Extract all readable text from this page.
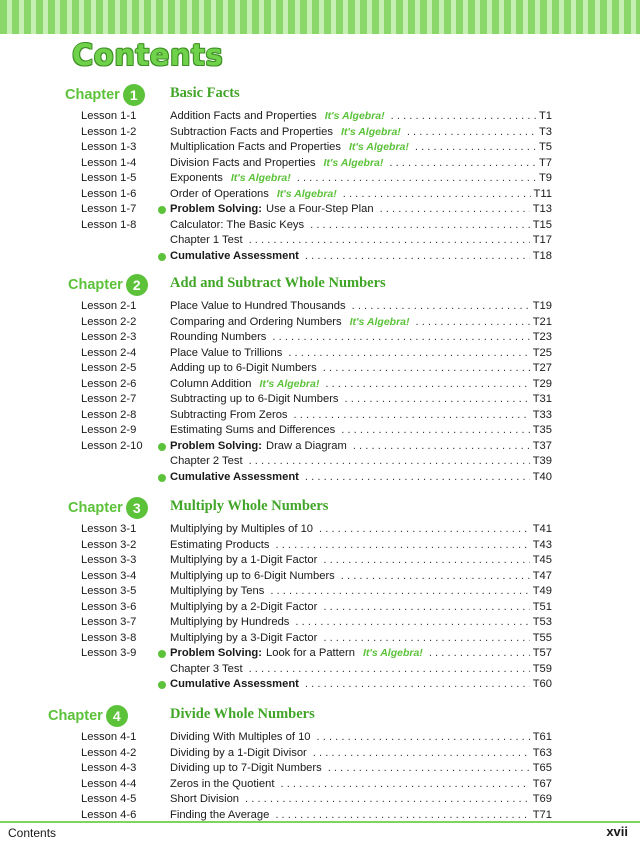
Contents
Chapter 1	Basic Facts
Lesson 1-1	Addition Facts and Properties It's Algebra! . . .	T1
Lesson 1-2	Subtraction Facts and Properties It's Algebra! . . .	T3
Lesson 1-3	Multiplication Facts and Properties It's Algebra! . . .	T5
Lesson 1-4	Division Facts and Properties It's Algebra! . . .	T7
Lesson 1-5	Exponents It's Algebra! . . .	T9
Lesson 1-6	Order of Operations It's Algebra! . . .	T11
Lesson 1-7	Problem Solving: Use a Four-Step Plan . . .	T13
Lesson 1-8	Calculator: The Basic Keys . . .	T15
Chapter 1 Test . . .	T17
Cumulative Assessment . . .	T18
Chapter 2	Add and Subtract Whole Numbers
Lesson 2-1	Place Value to Hundred Thousands . . .	T19
Lesson 2-2	Comparing and Ordering Numbers It's Algebra! . . .	T21
Lesson 2-3	Rounding Numbers . . .	T23
Lesson 2-4	Place Value to Trillions . . .	T25
Lesson 2-5	Adding up to 6-Digit Numbers . . .	T27
Lesson 2-6	Column Addition It's Algebra! . . .	T29
Lesson 2-7	Subtracting up to 6-Digit Numbers . . .	T31
Lesson 2-8	Subtracting From Zeros . . .	T33
Lesson 2-9	Estimating Sums and Differences . . .	T35
Lesson 2-10 Problem Solving: Draw a Diagram . . .	T37
Chapter 2 Test . . .	T39
Cumulative Assessment . . .	T40
Chapter 3	Multiply Whole Numbers
Lesson 3-1	Multiplying by Multiples of 10 . . .	T41
Lesson 3-2	Estimating Products . . .	T43
Lesson 3-3	Multiplying by a 1-Digit Factor . . .	T45
Lesson 3-4	Multiplying up to 6-Digit Numbers . . .	T47
Lesson 3-5	Multiplying by Tens . . .	T49
Lesson 3-6	Multiplying by a 2-Digit Factor . . .	T51
Lesson 3-7	Multiplying by Hundreds . . .	T53
Lesson 3-8	Multiplying by a 3-Digit Factor . . .	T55
Lesson 3-9	Problem Solving: Look for a Pattern It's Algebra! . . .	T57
Chapter 3 Test . . .	T59
Cumulative Assessment . . .	T60
Chapter 4	Divide Whole Numbers
Lesson 4-1	Dividing With Multiples of 10 . . .	T61
Lesson 4-2	Dividing by a 1-Digit Divisor . . .	T63
Lesson 4-3	Dividing up to 7-Digit Numbers . . .	T65
Lesson 4-4	Zeros in the Quotient . . .	T67
Lesson 4-5	Short Division . . .	T69
Lesson 4-6	Finding the Average . . .	T71
Contents	xvii
